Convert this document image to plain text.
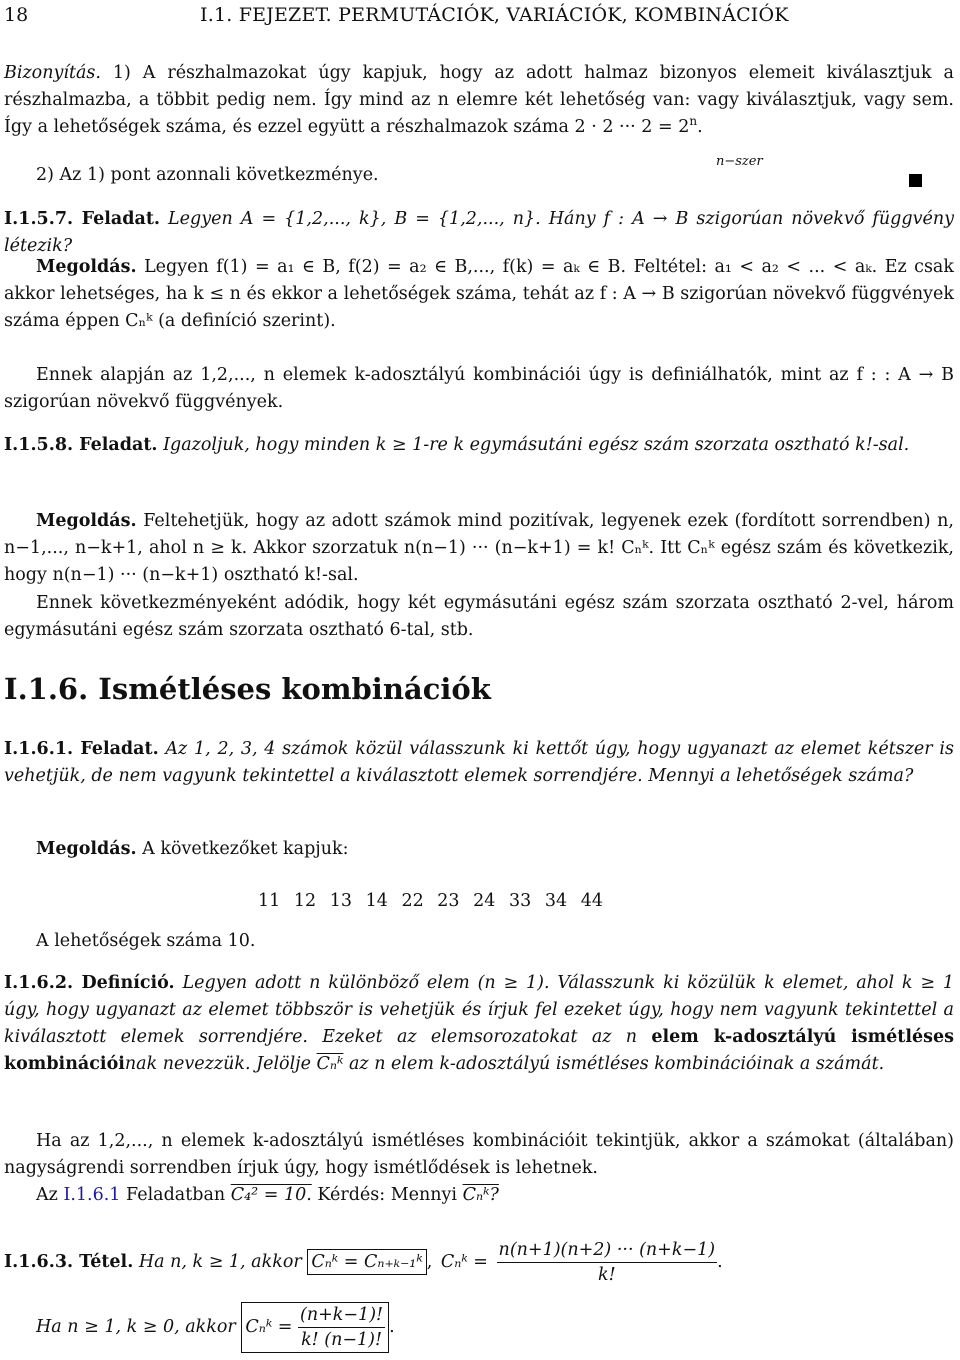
18	I.1. FEJEZET. PERMUTÁCIÓK, VARIÁCIÓK, KOMBINÁCIÓK
Bizonyítás. 1) A részhalmazokat úgy kapjuk, hogy az adott halmaz bizonyos elemeit kiválasztjuk a részhalmazba, a többit pedig nem. Így mind az n elemre két lehetőség van: vagy kiválasztjuk, vagy sem. Így a lehetőségek száma, és ezzel együtt a részhalmazok száma 2 · 2 ··· $2 = 2^n$.
n−szer
2) Az 1) pont azonnali következménye.
I.1.5.7. Feladat. Legyen A = {1,2,..., k}, B = {1,2,..., n}. Hány f : A → B szigorúan növekvő függvény létezik?
Megoldás. Legyen f(1) = a₁ ∈ B, f(2) = a₂ ∈ B,..., f(k) = aₖ ∈ B. Feltétel: a₁ < a₂ < ... < aₖ. Ez csak akkor lehetséges, ha k ≤ n és ekkor a lehetőségek száma, tehát az f : A → B szigorúan növekvő függvények száma éppen Cₙᵏ (a definíció szerint).
Ennek alapján az 1,2,..., n elemek k-adosztályú kombinációi úgy is definiálhatók, mint az f : : A → B szigorúan növekvő függvények.
I.1.5.8. Feladat. Igazoljuk, hogy minden k ≥ 1-re k egymásutáni egész szám szorzata osztható k!-sal.
Megoldás. Feltehetjük, hogy az adott számok mind pozitívak, legyenek ezek (fordított sorrendben) n, n−1,..., n−k+1, ahol n ≥ k. Akkor szorzatuk n(n−1) ··· (n−k+1) = k! Cₙᵏ. Itt Cₙᵏ egész szám és következik, hogy n(n−1) ··· (n−k+1) osztható k!-sal.
Ennek következményeként adódik, hogy két egymásutáni egész szám szorzata osztható 2-vel, három egymásutáni egész szám szorzata osztható 6-tal, stb.
I.1.6. Ismétléses kombinációk
I.1.6.1. Feladat. Az 1, 2, 3, 4 számok közül válasszunk ki kettőt úgy, hogy ugyanazt az elemet kétszer is vehetjük, de nem vagyunk tekintettel a kiválasztott elemek sorrendjére. Mennyi a lehetőségek száma?
Megoldás. A következőket kapjuk:
11 12 13 14 22 23 24 33 34 44
A lehetőségek száma 10.
I.1.6.2. Definíció. Legyen adott n különböző elem (n ≥ 1). Válasszunk ki közülük k elemet, ahol k ≥ 1 úgy, hogy ugyanazt az elemet többször is vehetjük és írjuk fel ezeket úgy, hogy nem vagyunk tekintettel a kiválasztott elemek sorrendjére. Ezeket az elemsorozatokat az n elem k-adosztályú ismétléses kombinációinak nevezzük. Jelölje $\overline{C_nᵏ}$ az n elem k-adosztályú ismétléses kombinációinak a számát.
Ha az 1,2,..., n elemek k-adosztályú ismétléses kombinációit tekintjük, akkor a számokat (általában) nagyságrendi sorrendben írjuk úgy, hogy ismétlődések is lehetnek.
Az I.1.6.1 Feladatban C₄² = 10. Kérdés: Mennyi Cₙᵏ?
I.1.6.3. Tétel. Ha n, k ≥ 1, akkor Cₙᵏ = Cₙ₊ₖ₋₁ᵏ , Cₙᵏ = $\frac{n(n+1)(n+2) \cdot\cdot\cdot (n+k-1)}{k!}$ .
Ha n ≥ 1, k ≥ 0, akkor Cₙᵏ = $\frac{(n+k-1)!}{k! (n-1)!}$ .
